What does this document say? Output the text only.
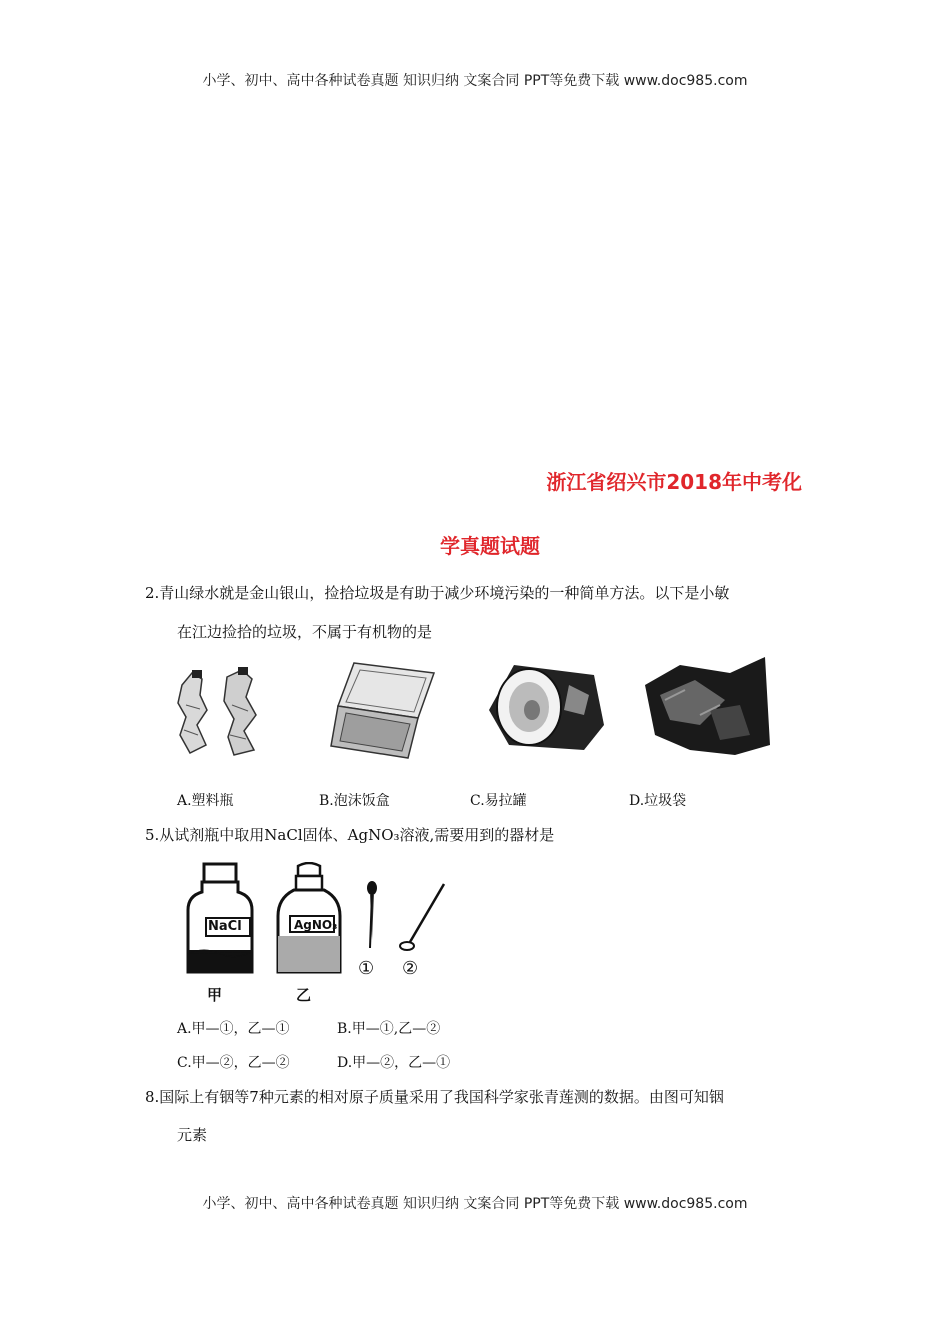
小学、初中、高中各种试卷真题 知识归纳 文案合同 PPT等免费下载 www.doc985.com
浙江省绍兴市2018年中考化
学真题试题
2.青山绿水就是金山银山，捡拾垃圾是有助于减少环境污染的一种简单方法。以下是小敏
在江边捡拾的垃圾，不属于有机物的是
A.塑料瓶	B.泡沫饭盒	C.易拉罐	D.垃圾袋
5.从试剂瓶中取用NaCl固体、AgNO₃溶液,需要用到的器材是
NaCl	AgNO₃
甲	乙
① ②
A.甲—①，乙—①	B.甲—①,乙—②
C.甲—②，乙—②	D.甲—②，乙—①
8.国际上有铟等7种元素的相对原子质量采用了我国科学家张青莲测的数据。由图可知铟
元素
小学、初中、高中各种试卷真题 知识归纳 文案合同 PPT等免费下载 www.doc985.com
